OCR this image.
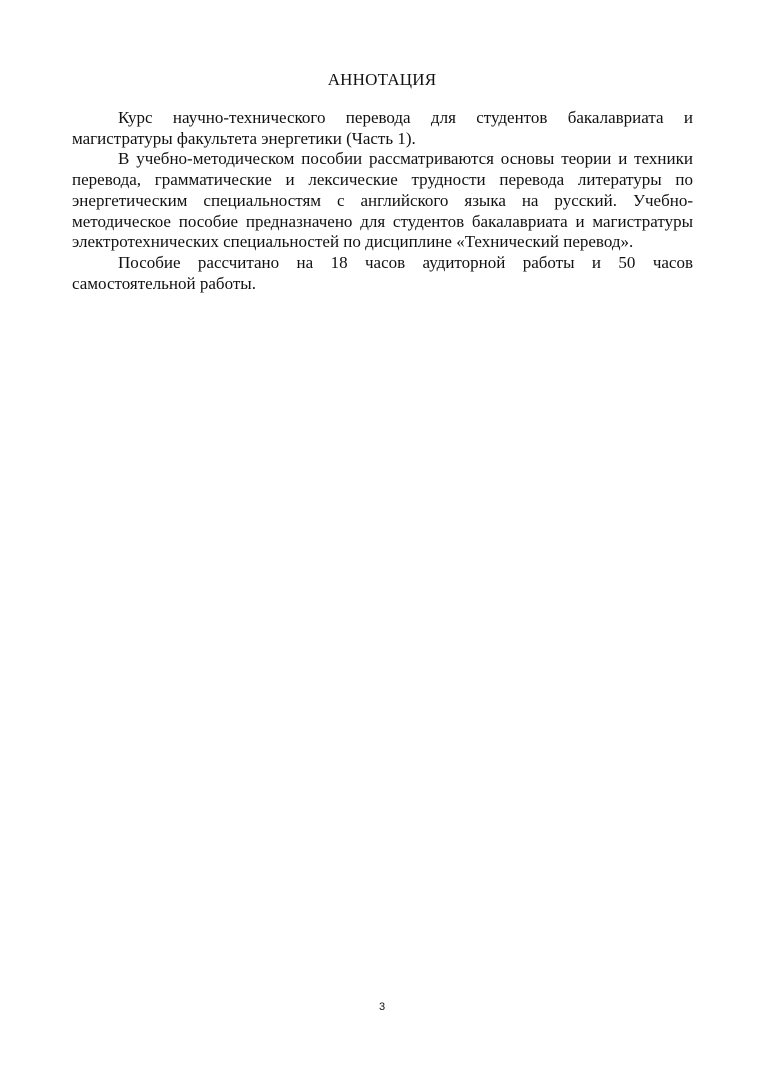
АННОТАЦИЯ

Курс научно-технического перевода для студентов бакалавриата и магистратуры факультета энергетики (Часть 1).

В учебно-методическом пособии рассматриваются основы теории и техники перевода, грамматические и лексические трудности перевода литературы по энергетическим специальностям с английского языка на русский. Учебно-методическое пособие предназначено для студентов бакалавриата и магистратуры электротехнических специальностей по дисциплине «Технический перевод».

Пособие рассчитано на 18 часов аудиторной работы и 50 часов самостоятельной работы.

3
